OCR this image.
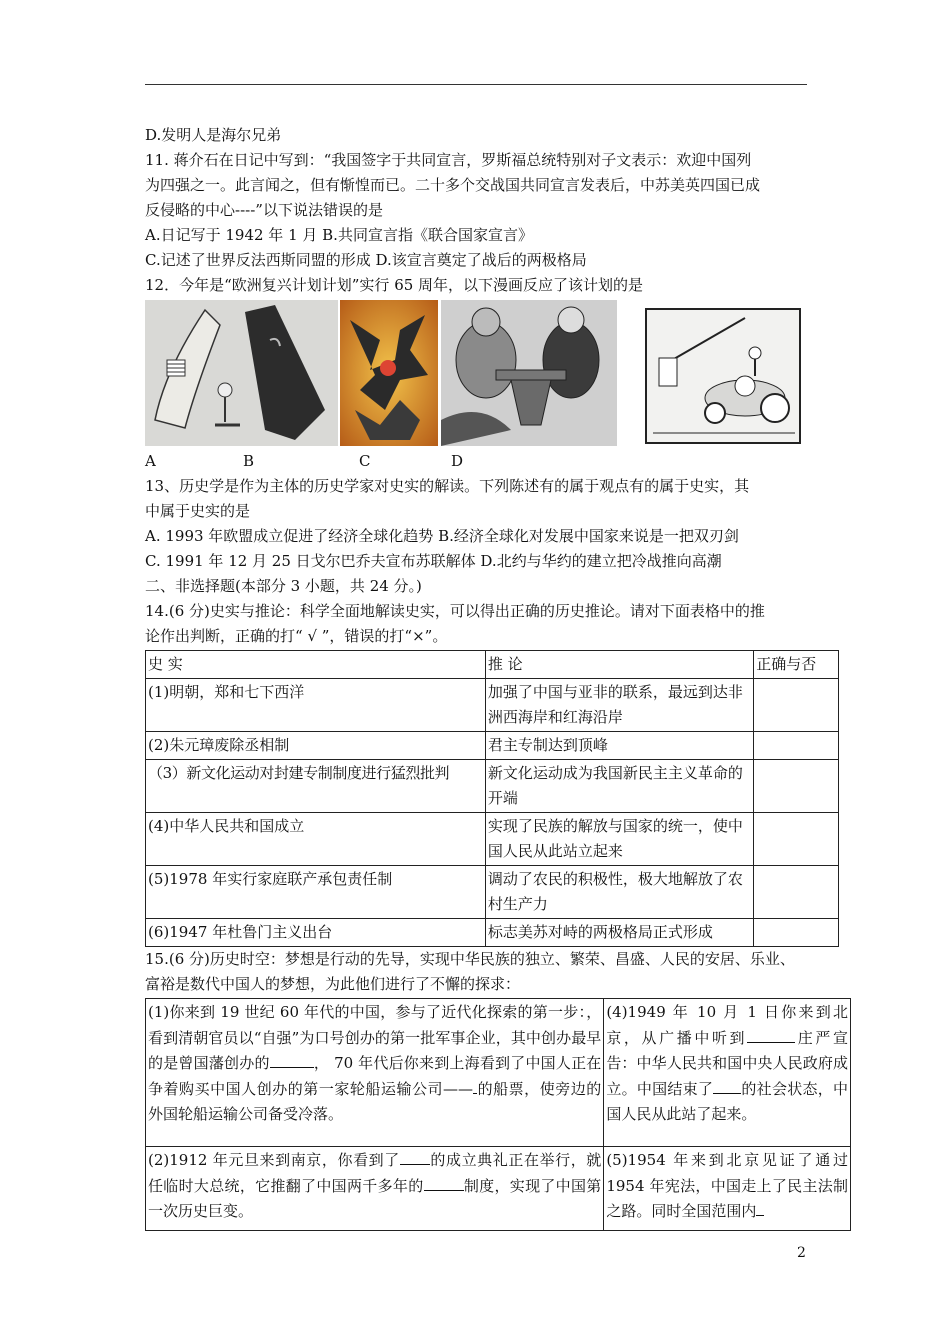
D.发明人是海尔兄弟
11. 蒋介石在日记中写到：“我国签字于共同宣言，罗斯福总统特别对子文表示：欢迎中国列
为四强之一。此言闻之，但有惭惶而已。二十多个交战国共同宣言发表后，中苏美英四国已成
反侵略的中心----”以下说法错误的是
A.日记写于 1942 年 1 月 B.共同宣言指《联合国家宣言》
C.记述了世界反法西斯同盟的形成 D.该宣言奠定了战后的两极格局
12．今年是“欧洲复兴计划计划”实行 65 周年，以下漫画反应了该计划的是
A	B	C	D
13、历史学是作为主体的历史学家对史实的解读。下列陈述有的属于观点有的属于史实，其
中属于史实的是
A. 1993 年欧盟成立促进了经济全球化趋势 B.经济全球化对发展中国家来说是一把双刃剑
C. 1991 年 12 月 25 日戈尔巴乔夫宣布苏联解体 D.北约与华约的建立把冷战推向高潮
二、非选择题(本部分 3 小题，共 24 分。)
14.(6 分)史实与推论：科学全面地解读史实，可以得出正确的历史推论。请对下面表格中的推
论作出判断，正确的打“ √ ”，错误的打“×”。
史 实	推 论	正确与否
(1)明朝，郑和七下西洋	加强了中国与亚非的联系，最远到达非洲西海岸和红海沿岸	
(2)朱元璋废除丞相制	君主专制达到顶峰	
（3）新文化运动对封建专制制度进行猛烈批判	新文化运动成为我国新民主主义革命的开端	
(4)中华人民共和国成立	实现了民族的解放与国家的统一，使中国人民从此站立起来	
(5)1978 年实行家庭联产承包责任制	调动了农民的积极性，极大地解放了农村生产力	
(6)1947 年杜鲁门主义出台	标志美苏对峙的两极格局正式形成	
15.(6 分)历史时空：梦想是行动的先导，实现中华民族的独立、繁荣、昌盛、人民的安居、乐业、
富裕是数代中国人的梦想，为此他们进行了不懈的探求：
(1)你来到 19 世纪 60 年代的中国，参与了近代化探索的第一步：，看到清朝官员以“自强”为口号创办的第一批军事企业，其中创办最早的是曾国藩创办的 ， 70 年代后你来到上海看到了中国人正在争着购买中国人创办的第一家轮船运输公司—— 的船票，使旁边的外国轮船运输公司备受冷落。	(4)1949 年 10 月 1 日你来到北京，从广播中听到 庄严宣告：中华人民共和国中央人民政府成立。中国结束了 的社会状态，中国人民从此站了起来。
(2)1912 年元旦来到南京，你看到了 的成立典礼正在举行，就任临时大总统，它推翻了中国两千多年的 制度，实现了中国第一次历史巨变。	(5)1954 年来到北京见证了通过 1954 年宪法，中国走上了民主法制之路。同时全国范围内
2
